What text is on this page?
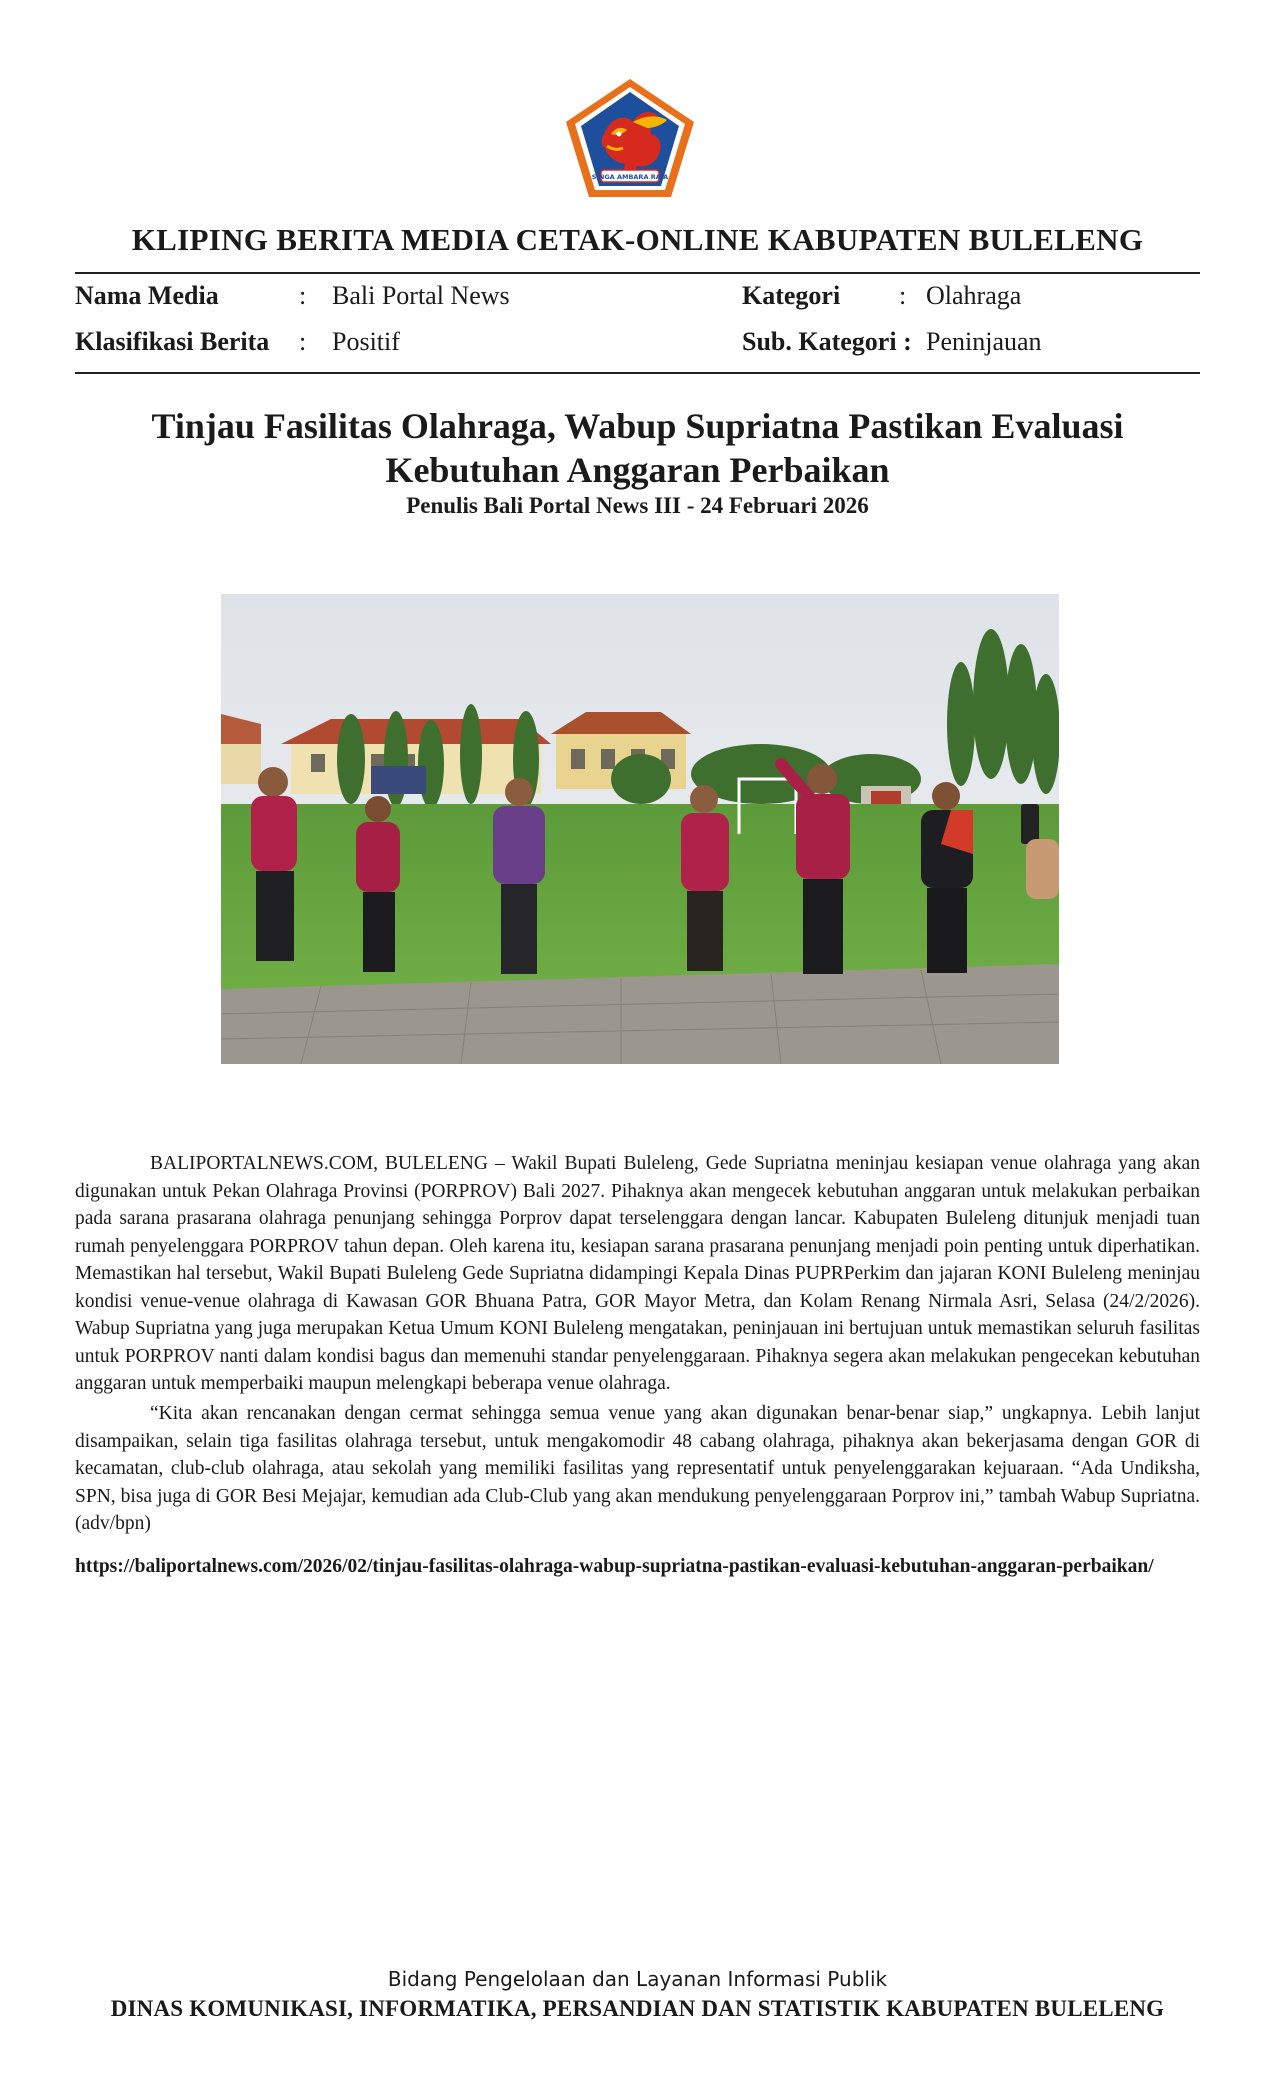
SINGA AMBARA RAJA
KLIPING BERITA MEDIA CETAK-ONLINE KABUPATEN BULELENG
Nama Media	: Bali Portal News	Kategori : Olahraga
Klasifikasi Berita : Positif	Sub. Kategori : Peninjauan
Tinjau Fasilitas Olahraga, Wabup Supriatna Pastikan Evaluasi Kebutuhan Anggaran Perbaikan
Penulis Bali Portal News III - 24 Februari 2026

BALIPORTALNEWS.COM, BULELENG – Wakil Bupati Buleleng, Gede Supriatna meninjau kesiapan venue olahraga yang akan digunakan untuk Pekan Olahraga Provinsi (PORPROV) Bali 2027. Pihaknya akan mengecek kebutuhan anggaran untuk melakukan perbaikan pada sarana prasarana olahraga penunjang sehingga Porprov dapat terselenggara dengan lancar. Kabupaten Buleleng ditunjuk menjadi tuan rumah penyelenggara PORPROV tahun depan. Oleh karena itu, kesiapan sarana prasarana penunjang menjadi poin penting untuk diperhatikan. Memastikan hal tersebut, Wakil Bupati Buleleng Gede Supriatna didampingi Kepala Dinas PUPRPerkim dan jajaran KONI Buleleng meninjau kondisi venue-venue olahraga di Kawasan GOR Bhuana Patra, GOR Mayor Metra, dan Kolam Renang Nirmala Asri, Selasa (24/2/2026). Wabup Supriatna yang juga merupakan Ketua Umum KONI Buleleng mengatakan, peninjauan ini bertujuan untuk memastikan seluruh fasilitas untuk PORPROV nanti dalam kondisi bagus dan memenuhi standar penyelenggaraan. Pihaknya segera akan melakukan pengecekan kebutuhan anggaran untuk memperbaiki maupun melengkapi beberapa venue olahraga.

“Kita akan rencanakan dengan cermat sehingga semua venue yang akan digunakan benar-benar siap,” ungkapnya. Lebih lanjut disampaikan, selain tiga fasilitas olahraga tersebut, untuk mengakomodir 48 cabang olahraga, pihaknya akan bekerjasama dengan GOR di kecamatan, club-club olahraga, atau sekolah yang memiliki fasilitas yang representatif untuk penyelenggarakan kejuaraan. “Ada Undiksha, SPN, bisa juga di GOR Besi Mejajar, kemudian ada Club-Club yang akan mendukung penyelenggaraan Porprov ini,” tambah Wabup Supriatna.(adv/bpn)

https://baliportalnews.com/2026/02/tinjau-fasilitas-olahraga-wabup-supriatna-pastikan-evaluasi-kebutuhan-anggaran-perbaikan/

Bidang Pengelolaan dan Layanan Informasi Publik
DINAS KOMUNIKASI, INFORMATIKA, PERSANDIAN DAN STATISTIK KABUPATEN BULELENG
